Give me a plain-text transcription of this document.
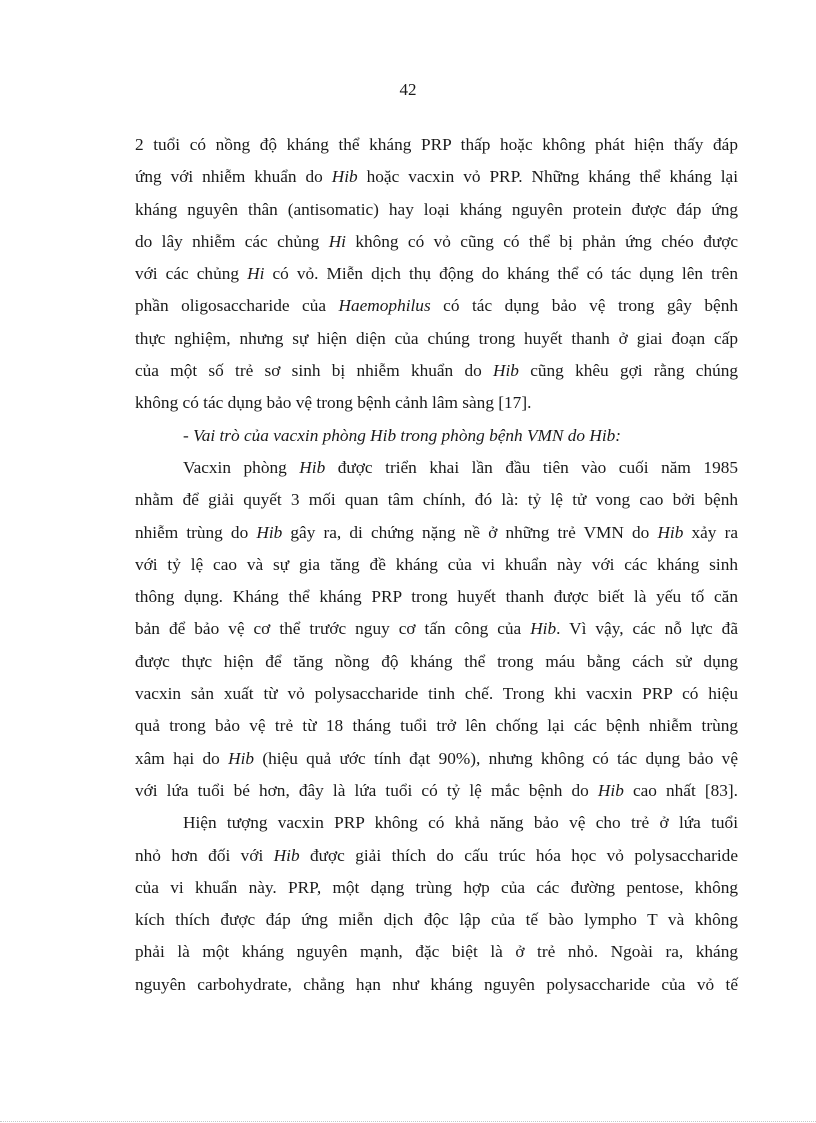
42
2 tuổi có nồng độ kháng thể kháng PRP thấp hoặc không phát hiện thấy đáp
ứng với nhiễm khuẩn do Hib hoặc vacxin vỏ PRP. Những kháng thể kháng lại
kháng nguyên thân (antisomatic) hay loại kháng nguyên protein được đáp ứng
do lây nhiễm các chủng Hi không có vỏ cũng có thể bị phản ứng chéo được
với các chủng Hi có vỏ. Miễn dịch thụ động do kháng thể có tác dụng lên trên
phần oligosaccharide của Haemophilus có tác dụng bảo vệ trong gây bệnh
thực nghiệm, nhưng sự hiện diện của chúng trong huyết thanh ở giai đoạn cấp
của một số trẻ sơ sinh bị nhiễm khuẩn do Hib cũng khêu gợi rằng chúng
không có tác dụng bảo vệ trong bệnh cảnh lâm sàng [17].
- Vai trò của vacxin phòng Hib trong phòng bệnh VMN do Hib:
Vacxin phòng Hib được triển khai lần đầu tiên vào cuối năm 1985
nhằm để giải quyết 3 mối quan tâm chính, đó là: tỷ lệ tử vong cao bởi bệnh
nhiễm trùng do Hib gây ra, di chứng nặng nề ở những trẻ VMN do Hib xảy ra
với tỷ lệ cao và sự gia tăng đề kháng của vi khuẩn này với các kháng sinh
thông dụng. Kháng thể kháng PRP trong huyết thanh được biết là yếu tố căn
bản để bảo vệ cơ thể trước nguy cơ tấn công của Hib. Vì vậy, các nỗ lực đã
được thực hiện để tăng nồng độ kháng thể trong máu bằng cách sử dụng
vacxin sản xuất từ vỏ polysaccharide tinh chế. Trong khi vacxin PRP có hiệu
quả trong bảo vệ trẻ từ 18 tháng tuổi trở lên chống lại các bệnh nhiễm trùng
xâm hại do Hib (hiệu quả ước tính đạt 90%), nhưng không có tác dụng bảo vệ
với lứa tuổi bé hơn, đây là lứa tuổi có tỷ lệ mắc bệnh do Hib cao nhất [83].
Hiện tượng vacxin PRP không có khả năng bảo vệ cho trẻ ở lứa tuổi
nhỏ hơn đối với Hib được giải thích do cấu trúc hóa học vỏ polysaccharide
của vi khuẩn này. PRP, một dạng trùng hợp của các đường pentose, không
kích thích được đáp ứng miễn dịch độc lập của tế bào lympho T và không
phải là một kháng nguyên mạnh, đặc biệt là ở trẻ nhỏ. Ngoài ra, kháng
nguyên carbohydrate, chẳng hạn như kháng nguyên polysaccharide của vỏ tế
